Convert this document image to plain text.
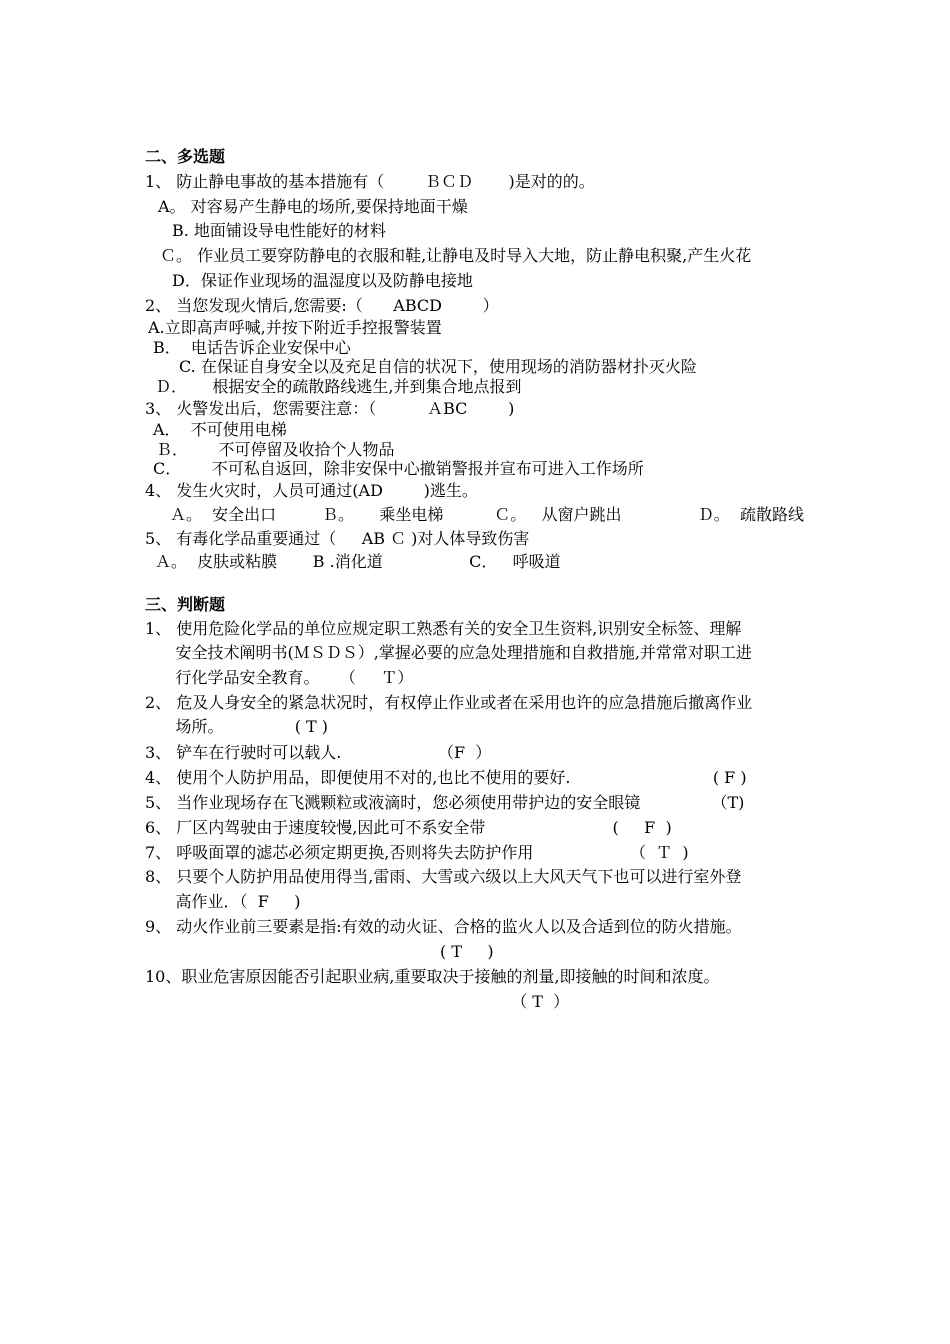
二、多选题
1、 防止静电事故的基本措施有（        ＢＣＤ       )是对的的。
A。 对容易产生静电的场所,要保持地面干燥
B. 地面铺设导电性能好的材料
Ｃ。 作业员工要穿防静电的衣服和鞋,让静电及时导入大地，防止静电积聚,产生火花
D．保证作业现场的温湿度以及防静电接地
2、 当您发现火情后,您需要:（      ABCD        ）
A.立即高声呼喊,并按下附近手控报警装置
B．  电话告诉企业安保中心
C. 在保证自身安全以及充足自信的状况下，使用现场的消防器材扑灭火险
Ｄ．     根据安全的疏散路线逃生,并到集合地点报到
3、 火警发出后，您需要注意：（          ＡBC        )
A．  不可使用电梯
Ｂ．      不可停留及收拾个人物品
C．      不可私自返回，除非安保中心撤销警报并宣布可进入工作场所
4、 发生火灾时，人员可通过(AD        )逃生。
Ａ。  安全出口         Ｂ。     乘坐电梯          Ｃ。   从窗户跳出               Ｄ。  疏散路线
5、 有毒化学品重要通过（     AB Ｃ )对人体导致伤害
Ａ。  皮肤或粘膜       B .消化道                 C．   呼吸道
三、判断题
1、 使用危险化学品的单位应规定职工熟悉有关的安全卫生资料,识别安全标签、理解
安全技术阐明书(ＭＳＤＳ）,掌握必要的应急处理措施和自救措施,并常常对职工进
行化学品安全教育。    （     Ｔ）
2、 危及人身安全的紧急状况时，有权停止作业或者在采用也许的应急措施后撤离作业
场所。              ( T )
3、 铲车在行驶时可以载人.                   （F  ）
4、 使用个人防护用品，即便使用不对的,也比不使用的要好.                            ( F )
5、 当作业现场存在飞溅颗粒或液滴时，您必须使用带护边的安全眼镜              （T)
6、 厂区内驾驶由于速度较慢,因此可不系安全带                         (     F  )
7、 呼吸面罩的滤芯必须定期更换,否则将失去防护作用                   （  Ｔ  )
8、 只要个人防护用品使用得当,雷雨、大雪或六级以上大风天气下也可以进行室外登
高作业．（  F     )
9、 动火作业前三要素是指:有效的动火证、合格的监火人以及合适到位的防火措施。
( T     )
10、职业危害原因能否引起职业病,重要取决于接触的剂量,即接触的时间和浓度。
（ T  ）
